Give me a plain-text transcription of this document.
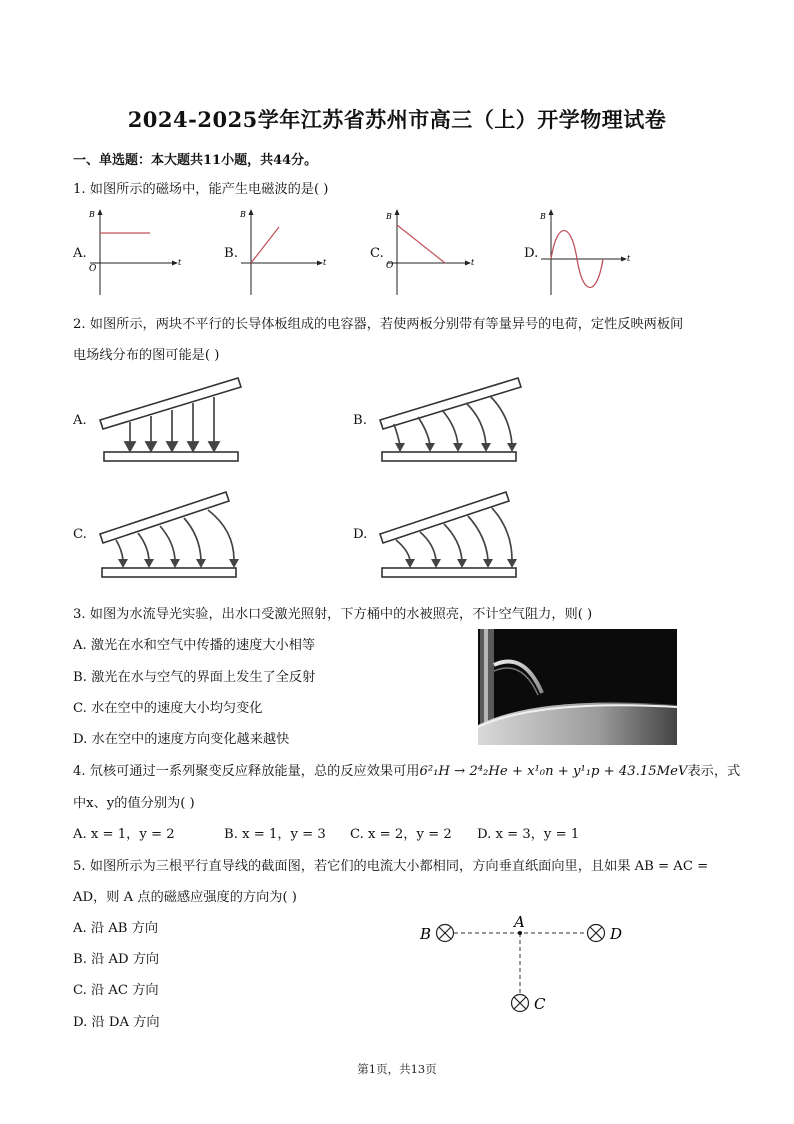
2024-2025学年江苏省苏州市高三（上）开学物理试卷
一、单选题：本大题共11小题，共44分。
1. 如图所示的磁场中，能产生电磁波的是( )
A.
B
t
O
B.
B
t
C.
B
t
O
D.
B
t
2. 如图所示，两块不平行的长导体板组成的电容器，若使两板分别带有等量异号的电荷，定性反映两板间
电场线分布的图可能是( )
A.	B.
C.	D.
3. 如图为水流导光实验，出水口受激光照射，下方桶中的水被照亮，不计空气阻力，则( )
A. 激光在水和空气中传播的速度大小相等
B. 激光在水与空气的界面上发生了全反射
C. 水在空中的速度大小均匀变化
D. 水在空中的速度方向变化越来越快
4. 氘核可通过一系列聚变反应释放能量，总的反应效果可用6²₁H → 2⁴₂He + x¹₀n + y¹₁p + 43.15MeV表示，式
中x、y的值分别为( )
A. x = 1，y = 2	B. x = 1，y = 3 C. x = 2，y = 2 D. x = 3，y = 1
5. 如图所示为三根平行直导线的截面图，若它们的电流大小都相同，方向垂直纸面向里，且如果 AB = AC =
AD，则 A 点的磁感应强度的方向为( )
A. 沿 AB 方向
B. 沿 AD 方向
C. 沿 AC 方向
D. 沿 DA 方向
A
B	D
C
第1页，共13页
